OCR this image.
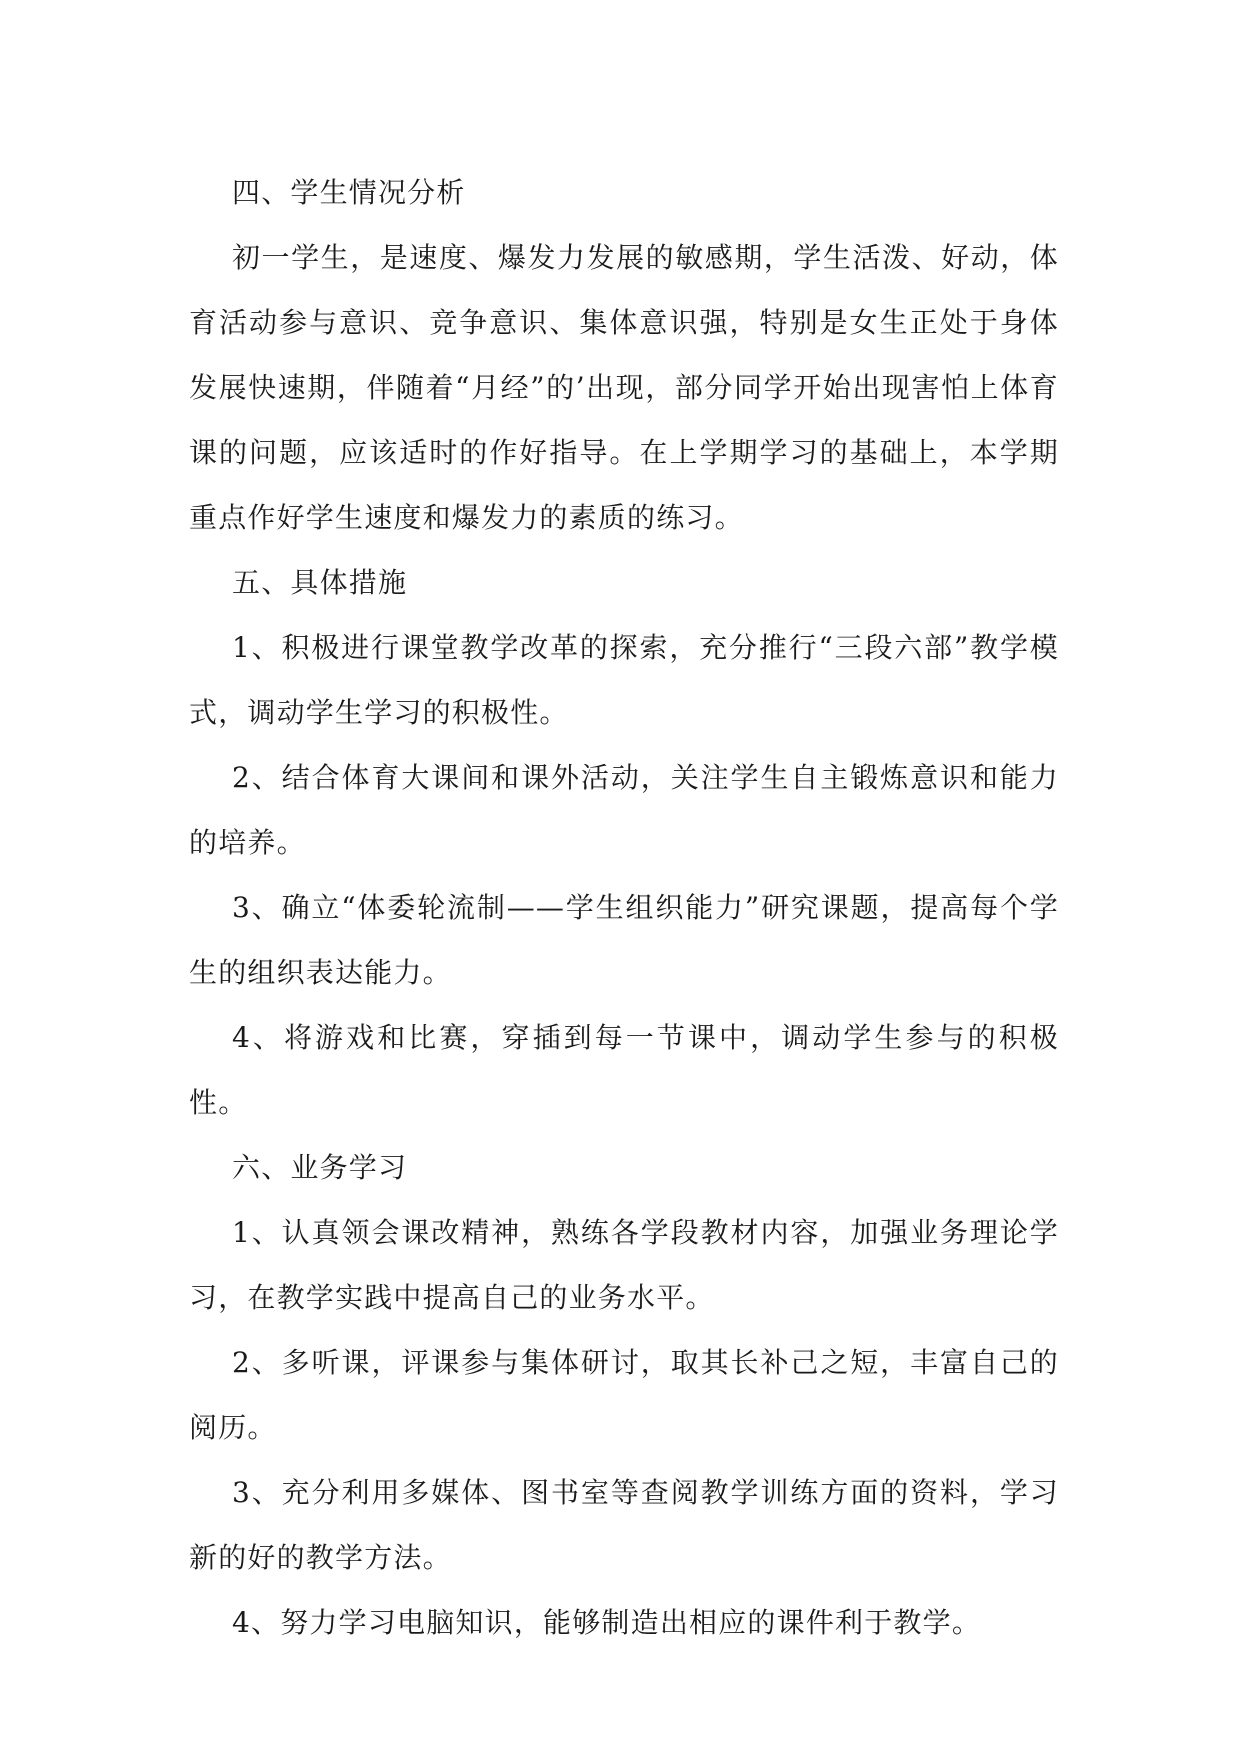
四、学生情况分析

初一学生，是速度、爆发力发展的敏感期，学生活泼、好动，体育活动参与意识、竞争意识、集体意识强，特别是女生正处于身体发展快速期，伴随着“月经”的’出现，部分同学开始出现害怕上体育课的问题，应该适时的作好指导。在上学期学习的基础上，本学期重点作好学生速度和爆发力的素质的练习。

五、具体措施

1、积极进行课堂教学改革的探索，充分推行“三段六部”教学模式，调动学生学习的积极性。

2、结合体育大课间和课外活动，关注学生自主锻炼意识和能力的培养。

3、确立“体委轮流制——学生组织能力”研究课题，提高每个学生的组织表达能力。

4、将游戏和比赛，穿插到每一节课中，调动学生参与的积极性。

六、业务学习

1、认真领会课改精神，熟练各学段教材内容，加强业务理论学习，在教学实践中提高自己的业务水平。

2、多听课，评课参与集体研讨，取其长补己之短，丰富自己的阅历。

3、充分利用多媒体、图书室等查阅教学训练方面的资料，学习新的好的教学方法。

4、努力学习电脑知识，能够制造出相应的课件利于教学。
